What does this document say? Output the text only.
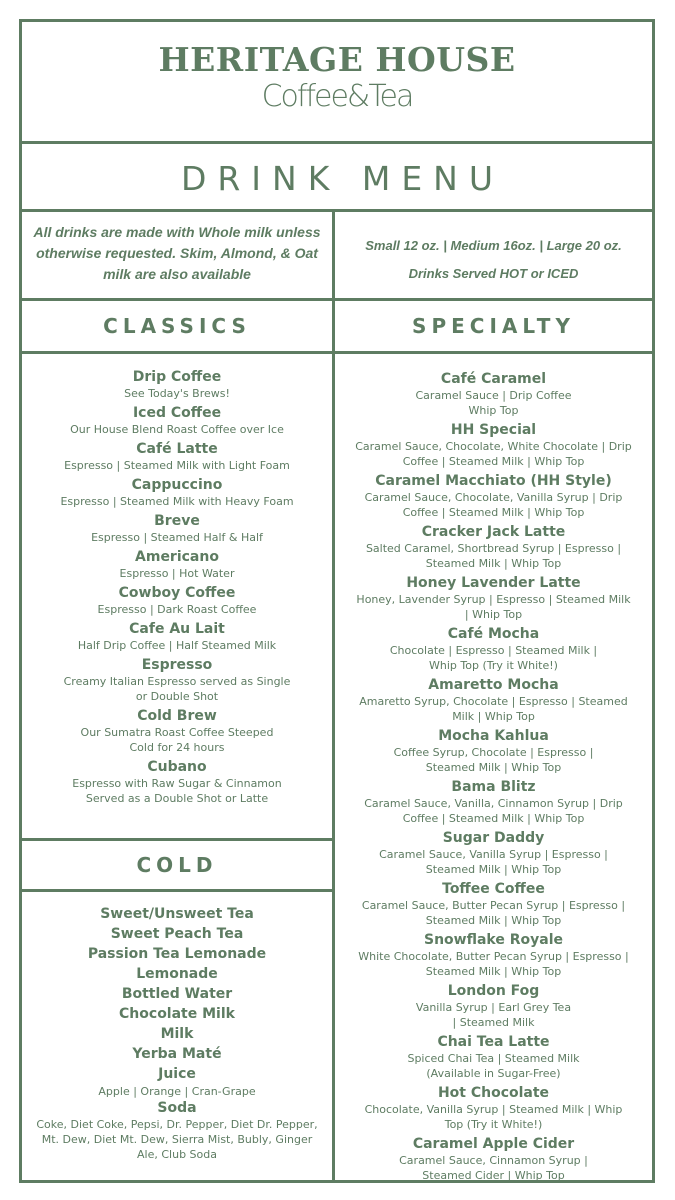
HERITAGE HOUSE
Coffee&Tea
DRINK MENU
All drinks are made with Whole milk unless otherwise requested. Skim, Almond, & Oat milk are also available
Small 12 oz. | Medium 16oz. | Large 20 oz.
Drinks Served HOT or ICED
CLASSICS	SPECIALTY
COLD
Drip Coffee
See Today's Brews!
Iced Coffee
Our House Blend Roast Coffee over Ice
Café Latte
Espresso | Steamed Milk with Light Foam
Cappuccino
Espresso | Steamed Milk with Heavy Foam
Breve
Espresso | Steamed Half & Half
Americano
Espresso | Hot Water
Cowboy Coffee
Espresso | Dark Roast Coffee
Cafe Au Lait
Half Drip Coffee | Half Steamed Milk
Espresso
Creamy Italian Espresso served as Single or Double Shot
Cold Brew
Our Sumatra Roast Coffee Steeped Cold for 24 hours
Cubano
Espresso with Raw Sugar & Cinnamon Served as a Double Shot or Latte
Sweet/Unsweet Tea
Sweet Peach Tea
Passion Tea Lemonade
Lemonade
Bottled Water
Chocolate Milk
Milk
Yerba Maté
Juice
Apple | Orange | Cran-Grape
Soda
Coke, Diet Coke, Pepsi, Dr. Pepper, Diet Dr. Pepper, Mt. Dew, Diet Mt. Dew, Sierra Mist, Bubly, Ginger Ale, Club Soda
Café Caramel
Caramel Sauce | Drip Coffee Whip Top
HH Special
Caramel Sauce, Chocolate, White Chocolate | Drip Coffee | Steamed Milk | Whip Top
Caramel Macchiato (HH Style)
Caramel Sauce, Chocolate, Vanilla Syrup | Drip Coffee | Steamed Milk | Whip Top
Cracker Jack Latte
Salted Caramel, Shortbread Syrup | Espresso | Steamed Milk | Whip Top
Honey Lavender Latte
Honey, Lavender Syrup | Espresso | Steamed Milk | Whip Top
Café Mocha
Chocolate | Espresso | Steamed Milk | Whip Top (Try it White!)
Amaretto Mocha
Amaretto Syrup, Chocolate | Espresso | Steamed Milk | Whip Top
Mocha Kahlua
Coffee Syrup, Chocolate | Espresso | Steamed Milk | Whip Top
Bama Blitz
Caramel Sauce, Vanilla, Cinnamon Syrup | Drip Coffee | Steamed Milk | Whip Top
Sugar Daddy
Caramel Sauce, Vanilla Syrup | Espresso | Steamed Milk | Whip Top
Toffee Coffee
Caramel Sauce, Butter Pecan Syrup | Espresso | Steamed Milk | Whip Top
Snowflake Royale
White Chocolate, Butter Pecan Syrup | Espresso | Steamed Milk | Whip Top
London Fog
Vanilla Syrup | Earl Grey Tea | Steamed Milk
Chai Tea Latte
Spiced Chai Tea | Steamed Milk (Available in Sugar-Free)
Hot Chocolate
Chocolate, Vanilla Syrup | Steamed Milk | Whip Top (Try it White!)
Caramel Apple Cider
Caramel Sauce, Cinnamon Syrup | Steamed Cider | Whip Top
